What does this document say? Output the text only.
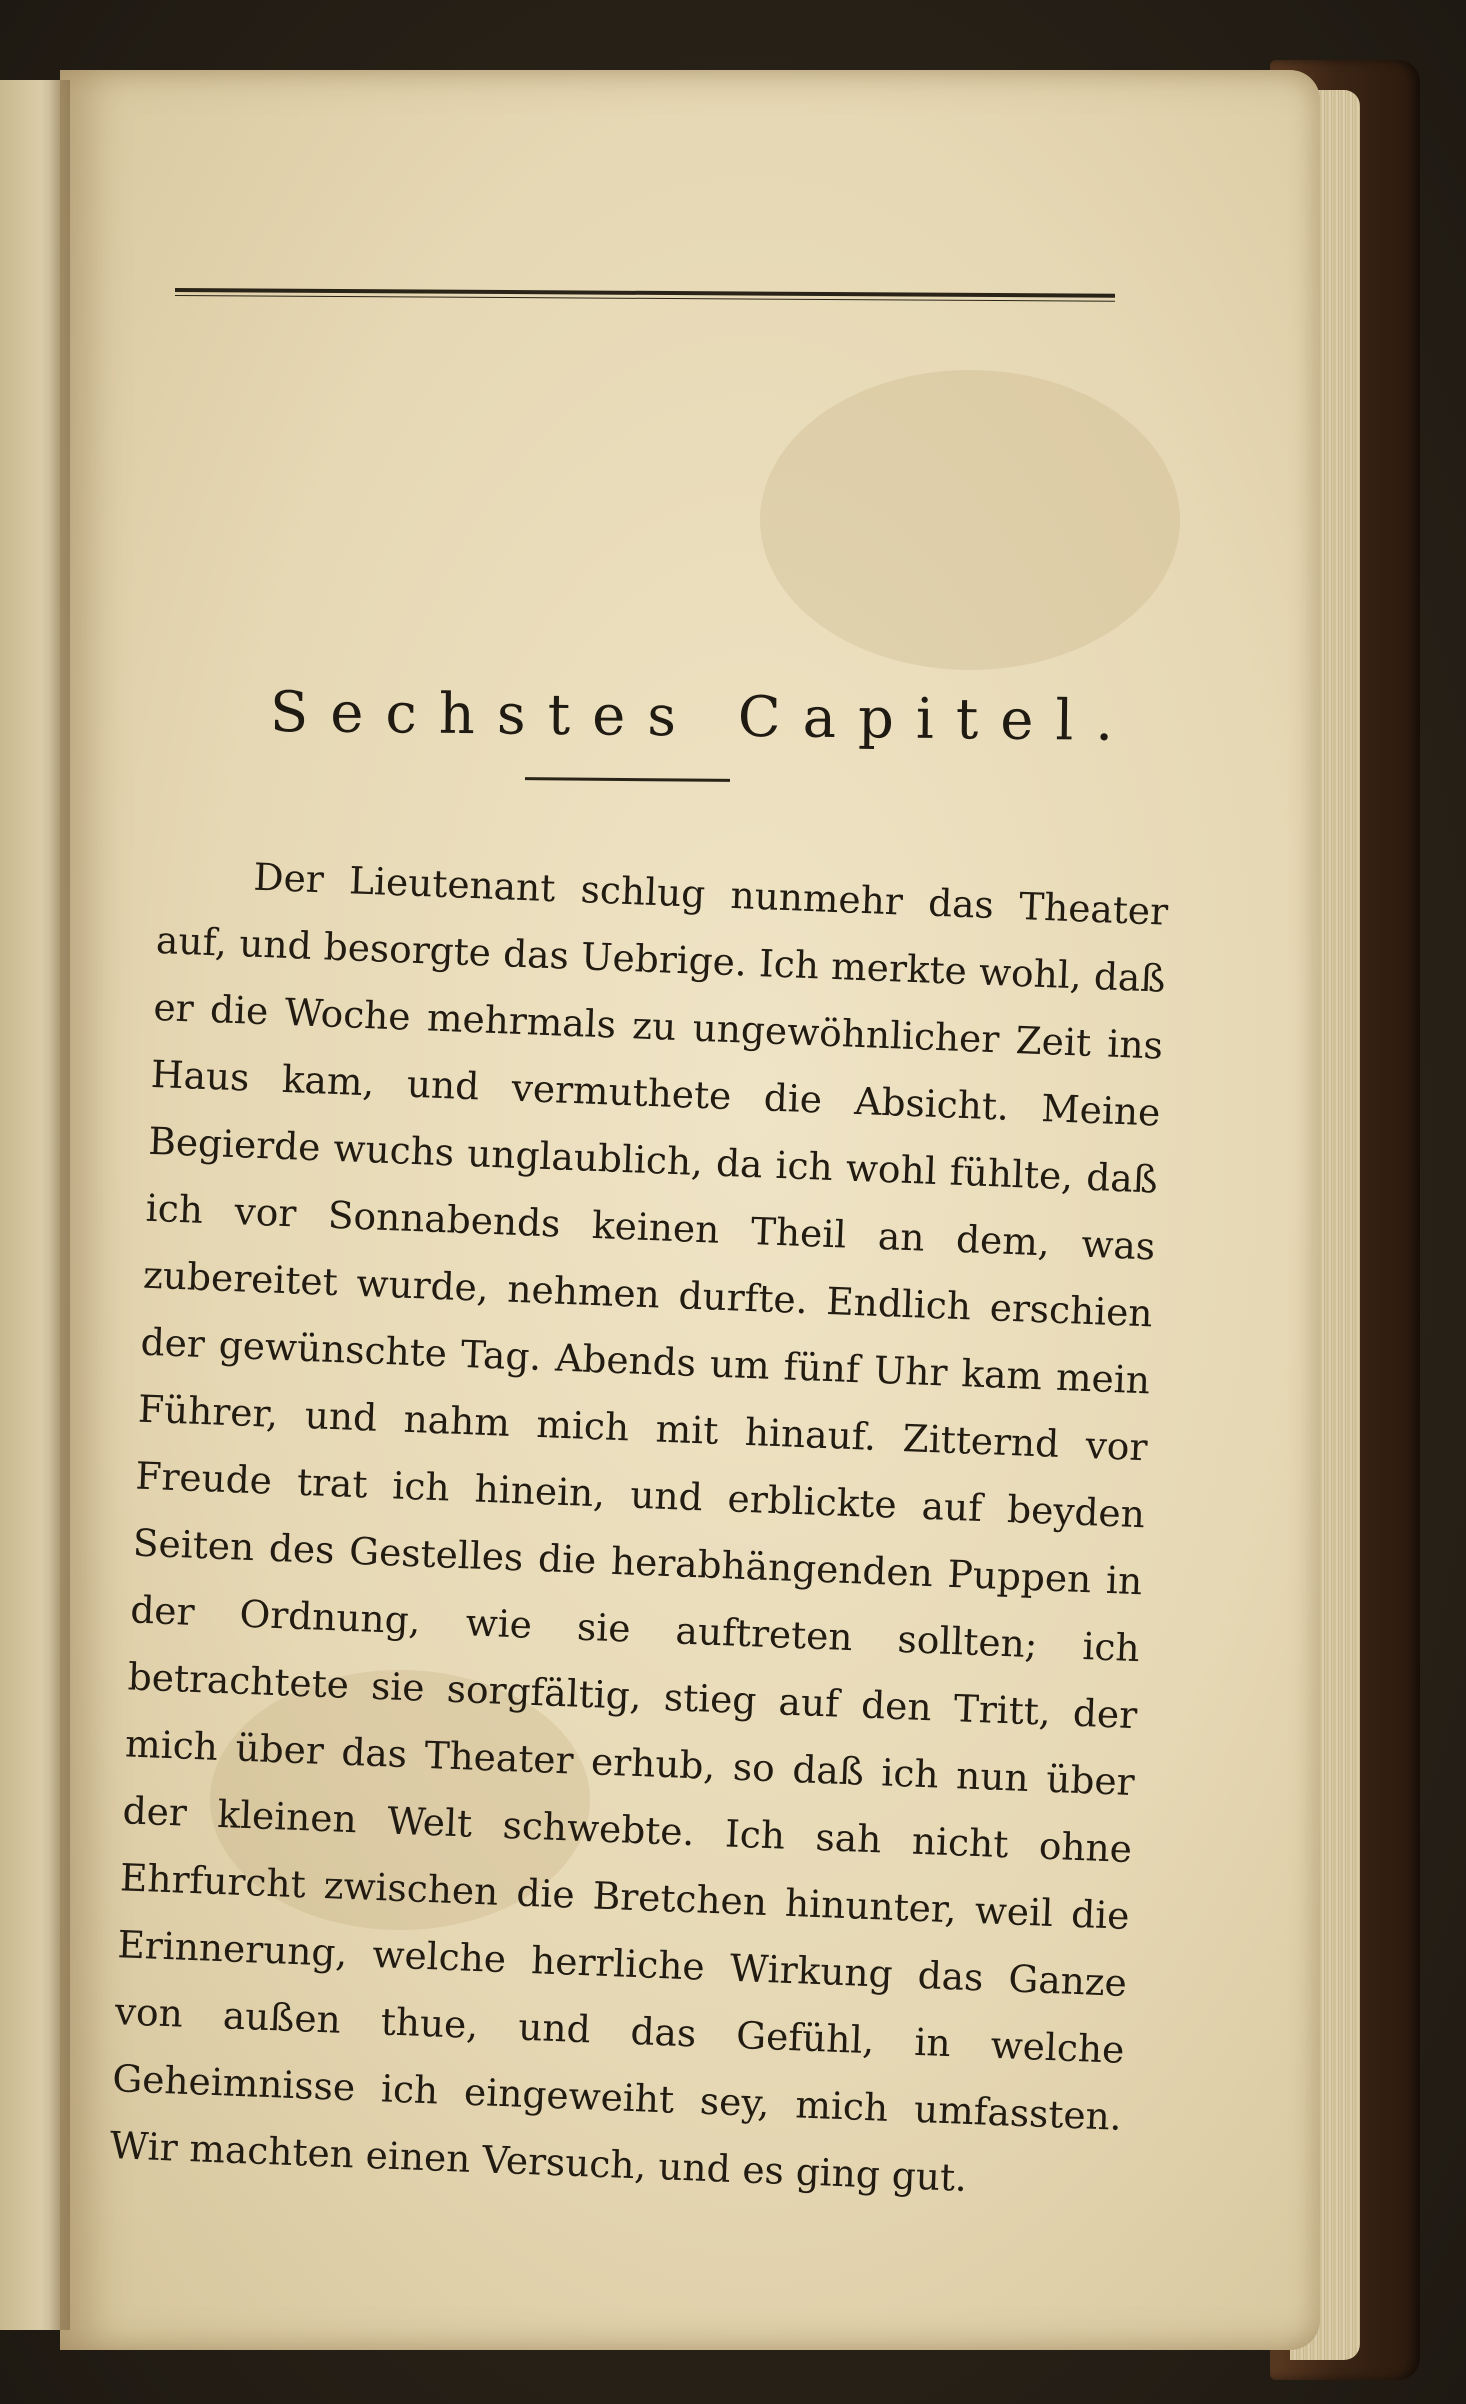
Sechstes Capitel.
Der Lieutenant schlug nunmehr das Theater auf, und besorgte das Uebrige. Ich merkte wohl, daß er die Woche mehrmals zu ungewöhnlicher Zeit ins Haus kam, und vermuthete die Absicht. Meine Begierde wuchs unglaublich, da ich wohl fühlte, daß ich vor Sonnabends keinen Theil an dem, was zubereitet wurde, nehmen durfte. Endlich erschien der gewünschte Tag. Abends um fünf Uhr kam mein Führer, und nahm mich mit hinauf. Zitternd vor Freude trat ich hinein, und erblickte auf beyden Seiten des Gestelles die herabhängenden Puppen in der Ordnung, wie sie auftreten sollten; ich betrachtete sie sorgfältig, stieg auf den Tritt, der mich über das Theater erhub, so daß ich nun über der kleinen Welt schwebte. Ich sah nicht ohne Ehrfurcht zwischen die Bretchen hinunter, weil die Erinnerung, welche herrliche Wirkung das Ganze von außen thue, und das Gefühl, in welche Geheimnisse ich eingeweiht sey, mich umfassten. Wir machten einen Versuch, und es ging gut.
